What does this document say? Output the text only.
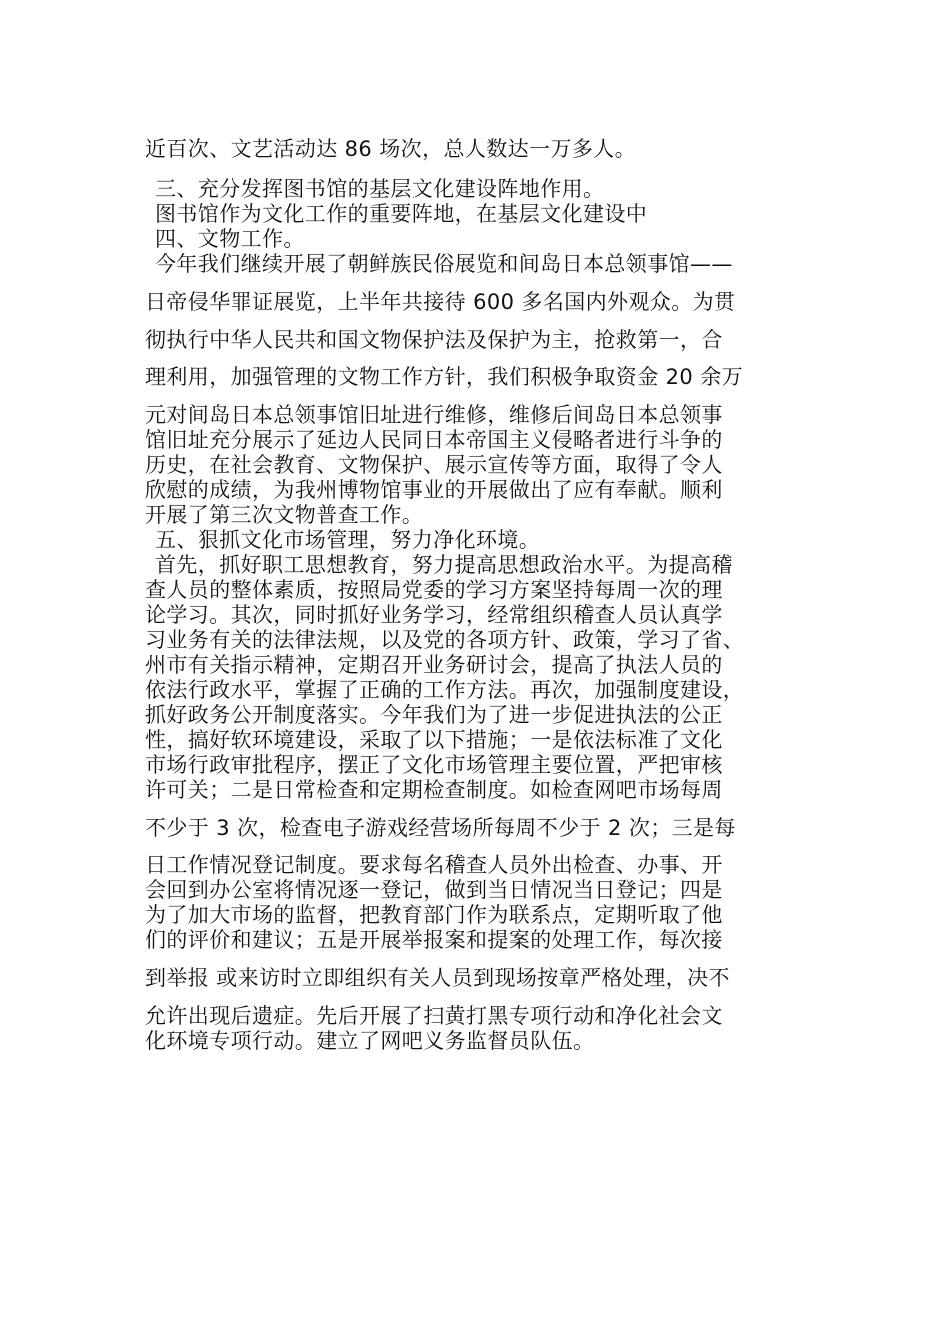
近百次、文艺活动达 86 场次，总人数达一万多人。
三、充分发挥图书馆的基层文化建设阵地作用。
图书馆作为文化工作的重要阵地，在基层文化建设中
四、文物工作。
今年我们继续开展了朝鲜族民俗展览和间岛日本总领事馆——
日帝侵华罪证展览，上半年共接待 600 多名国内外观众。为贯
彻执行中华人民共和国文物保护法及保护为主，抢救第一，合
理利用，加强管理的文物工作方针，我们积极争取资金 20 余万
元对间岛日本总领事馆旧址进行维修，维修后间岛日本总领事
馆旧址充分展示了延边人民同日本帝国主义侵略者进行斗争的
历史，在社会教育、文物保护、展示宣传等方面，取得了令人
欣慰的成绩，为我州博物馆事业的开展做出了应有奉献。顺利
开展了第三次文物普查工作。
五、狠抓文化市场管理，努力净化环境。
首先，抓好职工思想教育，努力提高思想政治水平。为提高稽
查人员的整体素质，按照局党委的学习方案坚持每周一次的理
论学习。其次，同时抓好业务学习，经常组织稽查人员认真学
习业务有关的法律法规，以及党的各项方针、政策，学习了省、
州市有关指示精神，定期召开业务研讨会，提高了执法人员的
依法行政水平，掌握了正确的工作方法。再次，加强制度建设，
抓好政务公开制度落实。今年我们为了进一步促进执法的公正
性，搞好软环境建设，采取了以下措施；一是依法标准了文化
市场行政审批程序，摆正了文化市场管理主要位置，严把审核
许可关；二是日常检查和定期检查制度。如检查网吧市场每周
不少于 3 次，检查电子游戏经营场所每周不少于 2 次；三是每
日工作情况登记制度。要求每名稽查人员外出检查、办事、开
会回到办公室将情况逐一登记，做到当日情况当日登记；四是
为了加大市场的监督，把教育部门作为联系点，定期听取了他
们的评价和建议；五是开展举报案和提案的处理工作，每次接
到举报 或来访时立即组织有关人员到现场按章严格处理，决不
允许出现后遗症。先后开展了扫黄打黑专项行动和净化社会文
化环境专项行动。建立了网吧义务监督员队伍。
